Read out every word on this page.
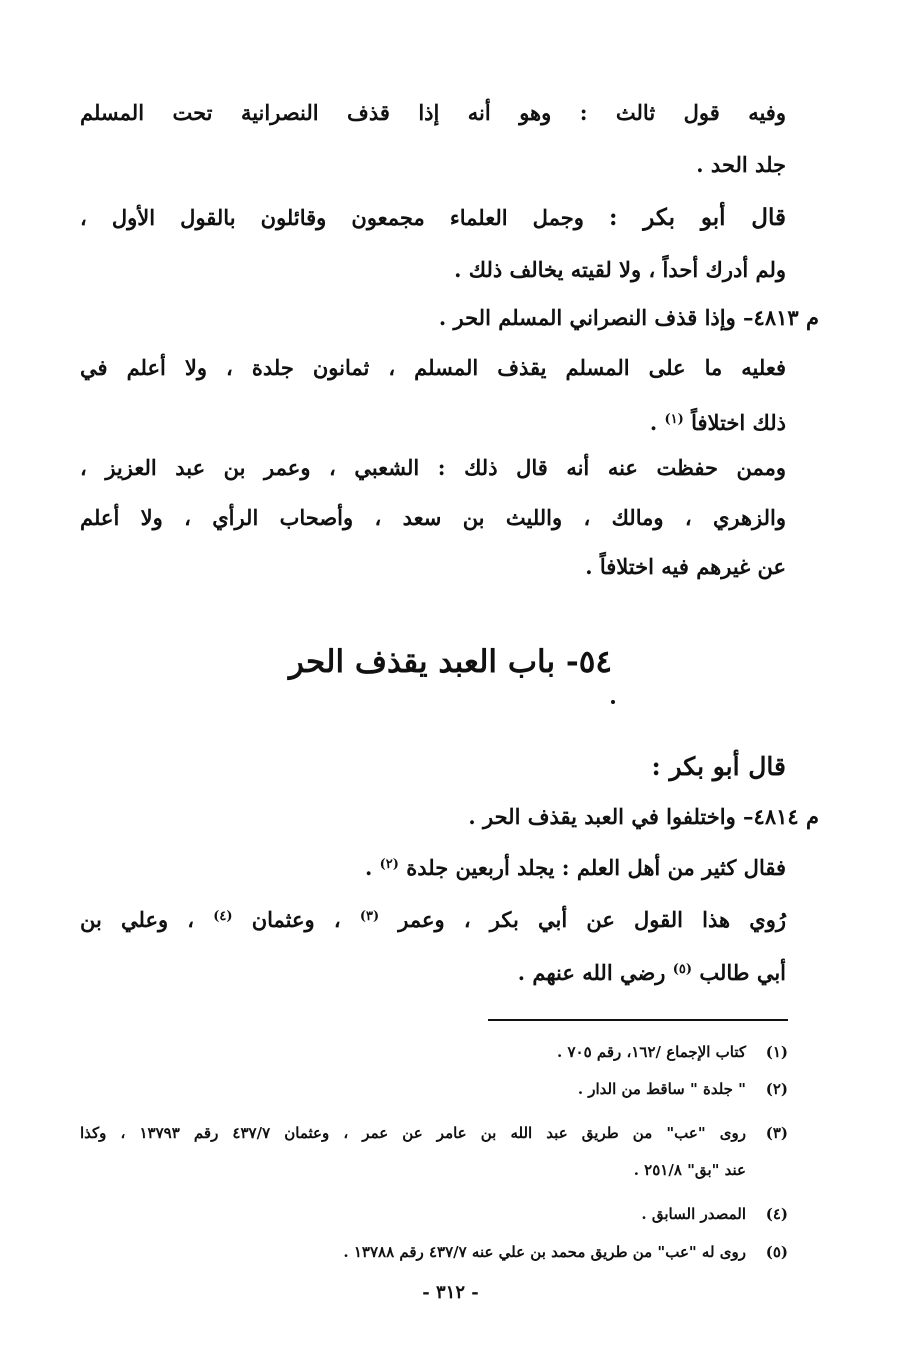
وفيه قول ثالث : وهو أنه إذا قذف النصرانية تحت المسلم
جلد الحد .
قال أبو بكر : وجمل العلماء مجمعون وقائلون بالقول الأول ،
ولم أدرك أحداً ، ولا لقيته يخالف ذلك .
م ٤٨١٣– وإذا قذف النصراني المسلم الحر .
فعليه ما على المسلم يقذف المسلم ، ثمانون جلدة ، ولا أعلم في
ذلك اختلافاً $^{(١)}$ .
وممن حفظت عنه أنه قال ذلك : الشعبي ، وعمر بن عبد العزيز ،
والزهري ، ومالك ، والليث بن سعد ، وأصحاب الرأي ، ولا أعلم
عن غيرهم فيه اختلافاً .
٥٤- باب العبد يقذف الحر
قال أبو بكر :
م ٤٨١٤– واختلفوا في العبد يقذف الحر .
فقال كثير من أهل العلم : يجلد أربعين جلدة $^{(٢)}$ .
رُوي هذا القول عن أبي بكر ، وعمر $^{(٣)}$ ، وعثمان $^{(٤)}$ ، وعلي بن
أبي طالب $^{(٥)}$ رضي الله عنهم .
(١)كتاب الإجماع /١٦٢، رقم ٧٠٥ .
(٢)" جلدة " ساقط من الدار .
(٣)روى "عب" من طريق عبد الله بن عامر عن عمر ، وعثمان ٤٣٧/٧ رقم ١٣٧٩٣ ، وكذا
عند "بق" ٢٥١/٨ .
(٤)المصدر السابق .
(٥)روى له "عب" من طريق محمد بن علي عنه ٤٣٧/٧ رقم ١٣٧٨٨ .
- ٣١٢ -
